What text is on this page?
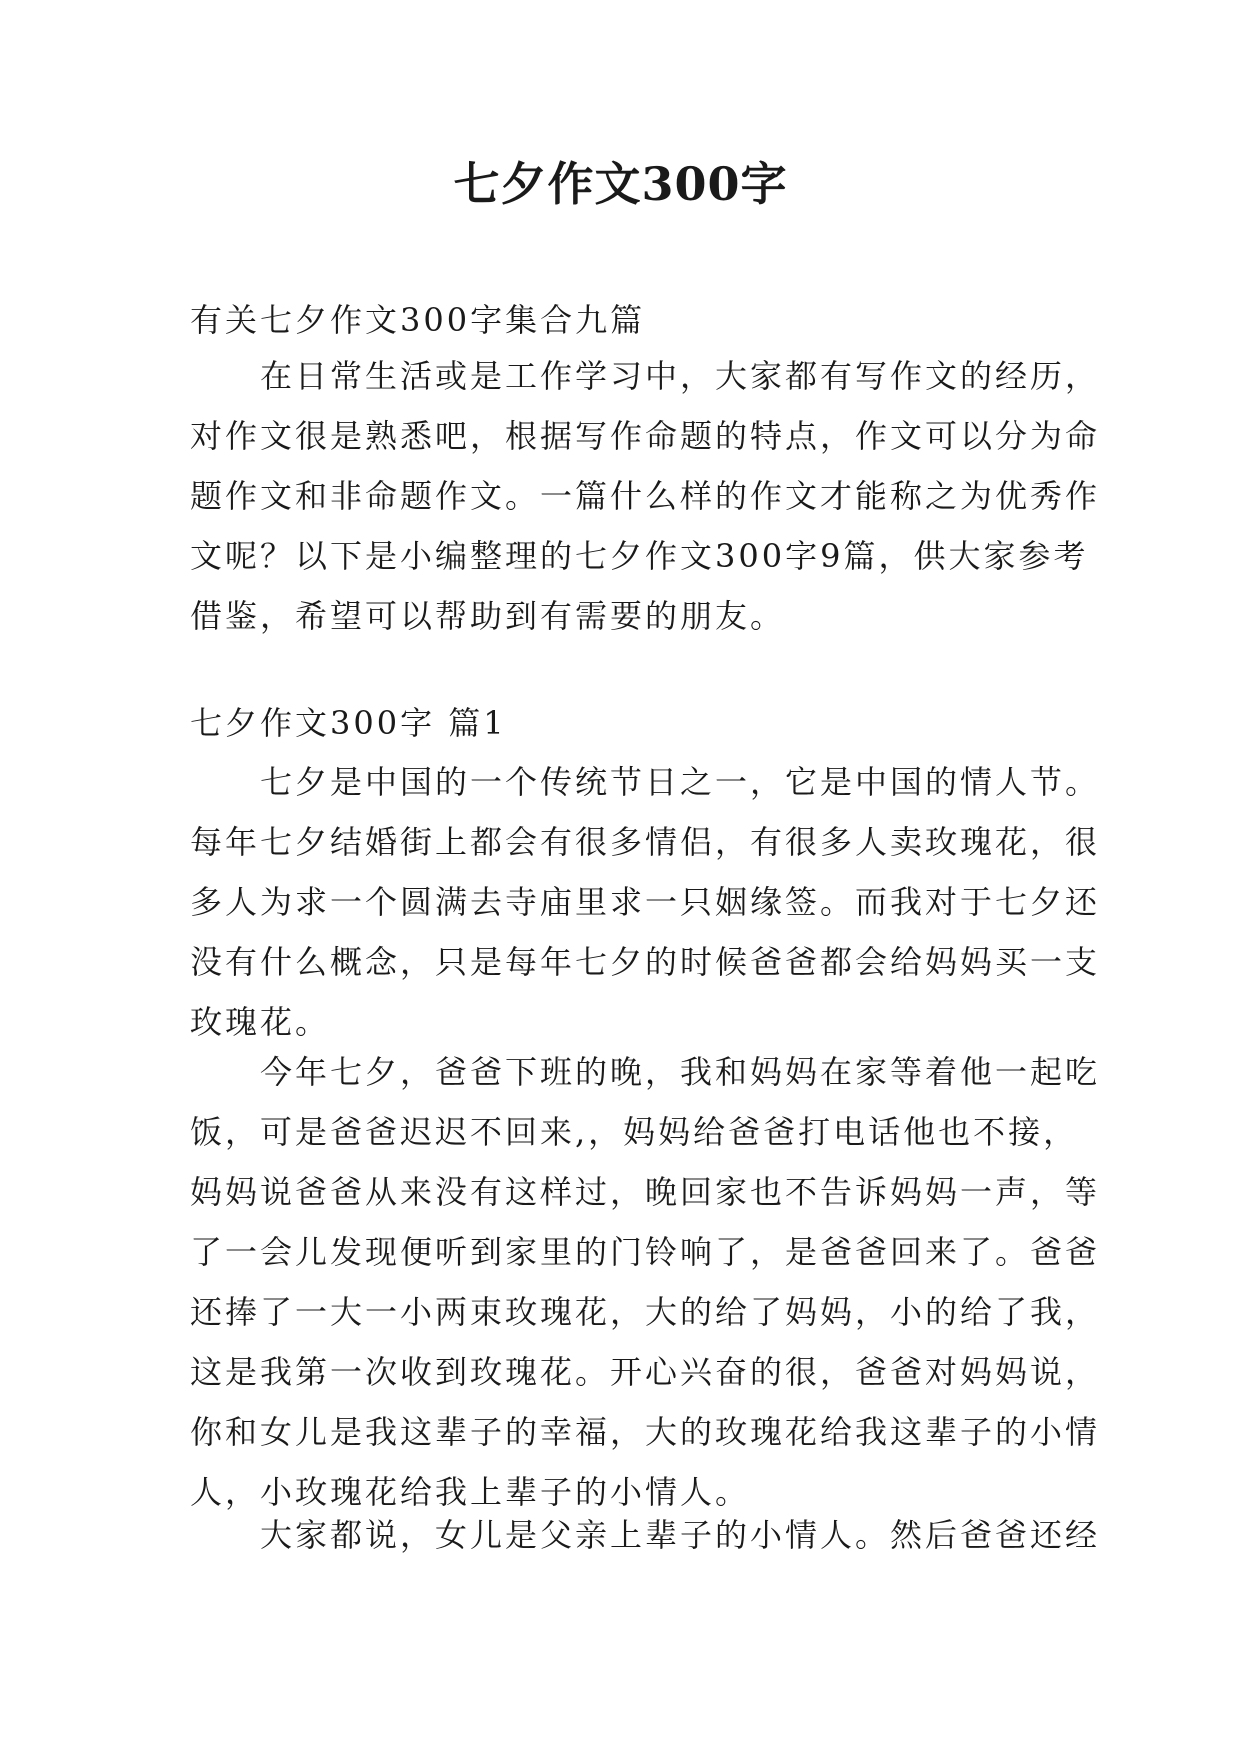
七夕作文300字
有关七夕作文300字集合九篇
　　在日常生活或是工作学习中，大家都有写作文的经历，
对作文很是熟悉吧，根据写作命题的特点，作文可以分为命
题作文和非命题作文。一篇什么样的作文才能称之为优秀作
文呢？以下是小编整理的七夕作文300字9篇，供大家参考
借鉴，希望可以帮助到有需要的朋友。
七夕作文300字 篇1
　　七夕是中国的一个传统节日之一，它是中国的情人节。
每年七夕结婚街上都会有很多情侣，有很多人卖玫瑰花，很
多人为求一个圆满去寺庙里求一只姻缘签。而我对于七夕还
没有什么概念，只是每年七夕的时候爸爸都会给妈妈买一支
玫瑰花。
　　今年七夕，爸爸下班的晚，我和妈妈在家等着他一起吃
饭，可是爸爸迟迟不回来,，妈妈给爸爸打电话他也不接，
妈妈说爸爸从来没有这样过，晚回家也不告诉妈妈一声，等
了一会儿发现便听到家里的门铃响了，是爸爸回来了。爸爸
还捧了一大一小两束玫瑰花，大的给了妈妈，小的给了我，
这是我第一次收到玫瑰花。开心兴奋的很，爸爸对妈妈说，
你和女儿是我这辈子的幸福，大的玫瑰花给我这辈子的小情
人，小玫瑰花给我上辈子的小情人。
　　大家都说，女儿是父亲上辈子的小情人。然后爸爸还经
